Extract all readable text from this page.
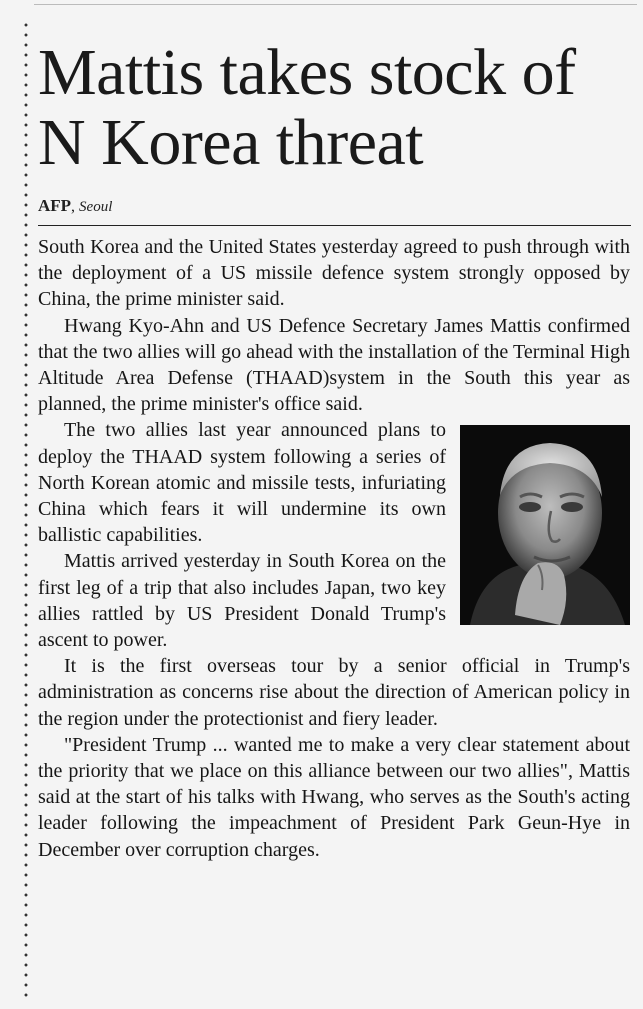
Mattis takes stock of N Korea threat
AFP, Seoul

South Korea and the United States yesterday agreed to push through with the deployment of a US missile defence system strongly opposed by China, the prime minister said.

Hwang Kyo-Ahn and US Defence Secretary James Mattis confirmed that the two allies will go ahead with the installation of the Terminal High Altitude Area Defense (THAAD)system in the South this year as planned, the prime minister's office said.

The two allies last year announced plans to deploy the THAAD system following a series of North Korean atomic and missile tests, infuriating China which fears it will undermine its own ballistic capabilities.

Mattis arrived yesterday in South Korea on the first leg of a trip that also includes Japan, two key allies rattled by US President Donald Trump's ascent to power.

It is the first overseas tour by a senior official in Trump's administration as concerns rise about the direction of American policy in the region under the protectionist and fiery leader.

"President Trump ... wanted me to make a very clear statement about the priority that we place on this alliance between our two allies", Mattis said at the start of his talks with Hwang, who serves as the South's acting leader following the impeachment of President Park Geun-Hye in December over corruption charges.
